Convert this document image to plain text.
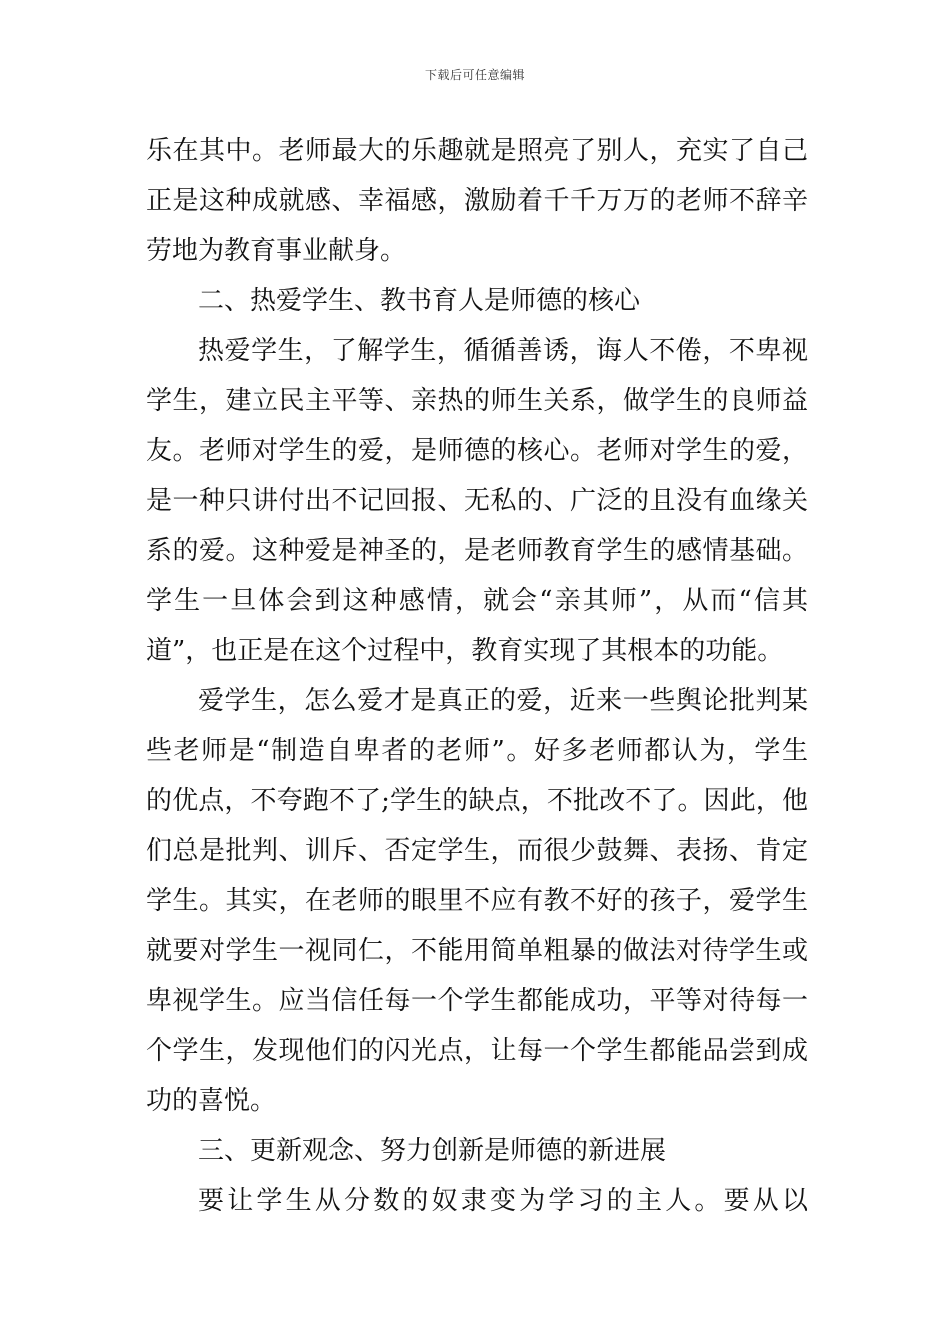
下载后可任意编辑
乐在其中。老师最大的乐趣就是照亮了别人，充实了自己
正是这种成就感、幸福感，激励着千千万万的老师不辞辛
劳地为教育事业献身。
二、热爱学生、教书育人是师德的核心
热爱学生，了解学生，循循善诱，诲人不倦，不卑视
学生，建立民主平等、亲热的师生关系，做学生的良师益
友。老师对学生的爱，是师德的核心。老师对学生的爱，
是一种只讲付出不记回报、无私的、广泛的且没有血缘关
系的爱。这种爱是神圣的，是老师教育学生的感情基础。
学生一旦体会到这种感情，就会“亲其师”，从而“信其
道”，也正是在这个过程中，教育实现了其根本的功能。
爱学生，怎么爱才是真正的爱，近来一些舆论批判某
些老师是“制造自卑者的老师”。好多老师都认为，学生
的优点，不夸跑不了;学生的缺点，不批改不了。因此，他
们总是批判、训斥、否定学生，而很少鼓舞、表扬、肯定
学生。其实，在老师的眼里不应有教不好的孩子，爱学生
就要对学生一视同仁，不能用简单粗暴的做法对待学生或
卑视学生。应当信任每一个学生都能成功，平等对待每一
个学生，发现他们的闪光点，让每一个学生都能品尝到成
功的喜悦。
三、更新观念、努力创新是师德的新进展
要让学生从分数的奴隶变为学习的主人。要从以
